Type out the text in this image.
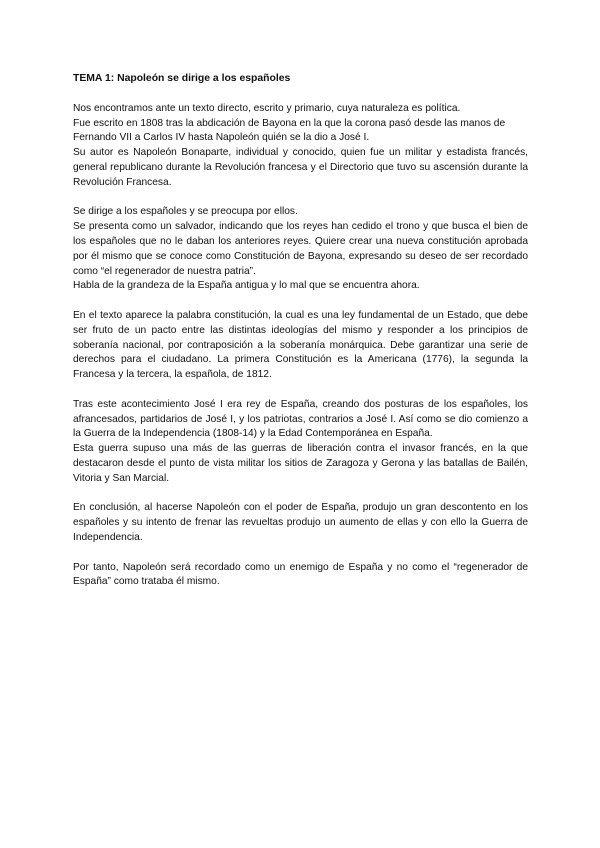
TEMA 1: Napoleón se dirige a los españoles

Nos encontramos ante un texto directo, escrito y primario, cuya naturaleza es política.
Fue escrito en 1808 tras la abdicación de Bayona en la que la corona pasó desde las manos de Fernando VII a Carlos IV hasta Napoleón quién se la dio a José I.
Su autor es Napoleón Bonaparte, individual y conocido, quien fue un militar y estadista francés, general republicano durante la Revolución francesa y el Directorio que tuvo su ascensión durante la Revolución Francesa.
Se dirige a los españoles y se preocupa por ellos.
Se presenta como un salvador, indicando que los reyes han cedido el trono y que busca el bien de los españoles que no le daban los anteriores reyes. Quiere crear una nueva constitución aprobada por él mismo que se conoce como Constitución de Bayona, expresando su deseo de ser recordado como “el regenerador de nuestra patria”.
Habla de la grandeza de la España antigua y lo mal que se encuentra ahora.
En el texto aparece la palabra constitución, la cual es una ley fundamental de un Estado, que debe ser fruto de un pacto entre las distintas ideologías del mismo y responder a los principios de soberanía nacional, por contraposición a la soberanía monárquica. Debe garantizar una serie de derechos para el ciudadano. La primera Constitución es la Americana (1776), la segunda la Francesa y la tercera, la española, de 1812.
Tras este acontecimiento José I era rey de España, creando dos posturas de los españoles, los afrancesados, partidarios de José I, y los patriotas, contrarios a José I. Así como se dio comienzo a la Guerra de la Independencia (1808-14) y la Edad Contemporánea en España.
Esta guerra supuso una más de las guerras de liberación contra el invasor francés, en la que destacaron desde el punto de vista militar los sitios de Zaragoza y Gerona y las batallas de Bailén, Vitoria y San Marcial.
En conclusión, al hacerse Napoleón con el poder de España, produjo un gran descontento en los españoles y su intento de frenar las revueltas produjo un aumento de ellas y con ello la Guerra de Independencia.
Por tanto, Napoleón será recordado como un enemigo de España y no como el “regenerador de España” como trataba él mismo.
